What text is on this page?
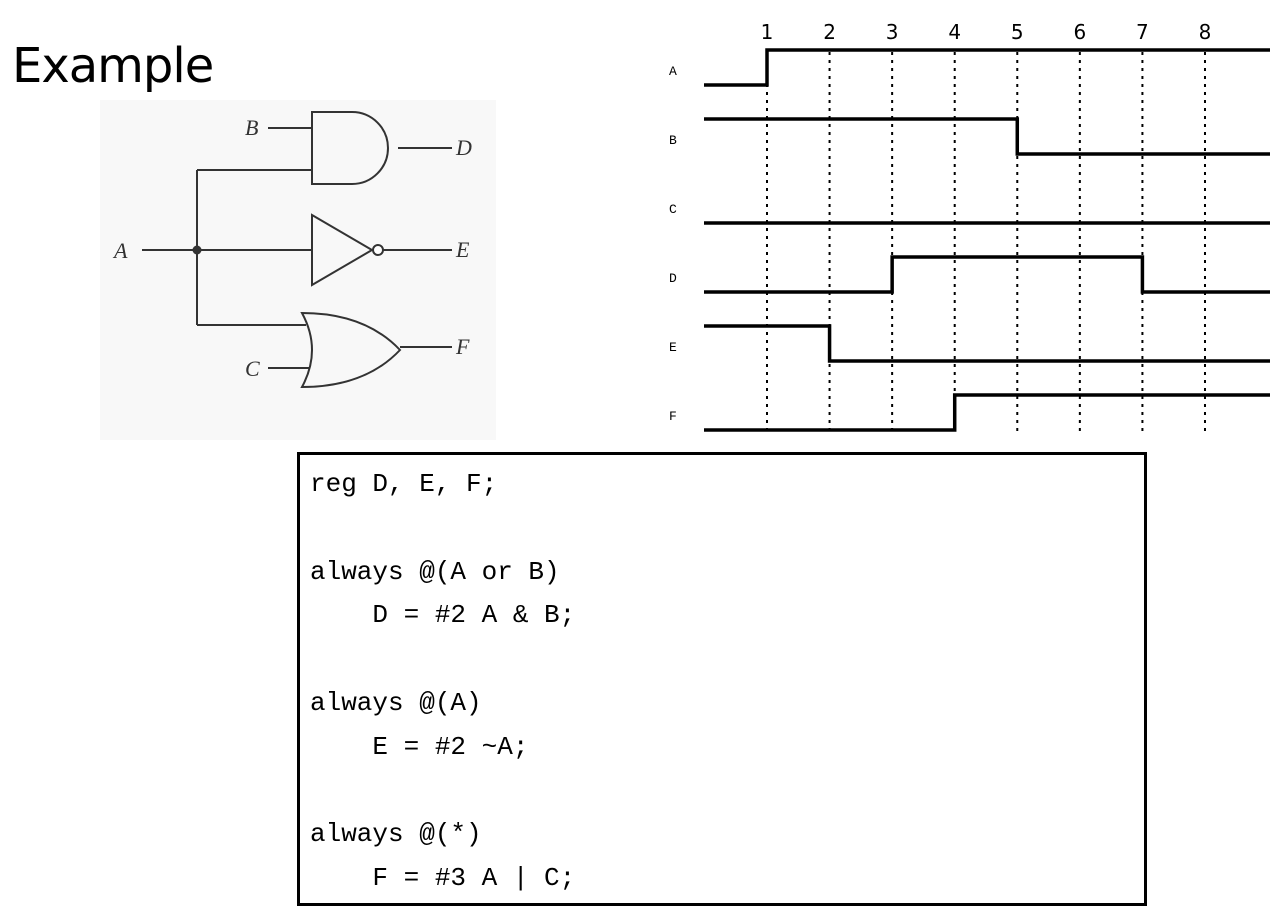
Example
B
A
C
D
E
F
1 2 3 4 5 6 7 8
A
B
C
D
E
F
reg D, E, F;
always @(A or B)
D = #2 A & B;
always @(A)
E = #2 ~A;
always @(*)
F = #3 A | C;
